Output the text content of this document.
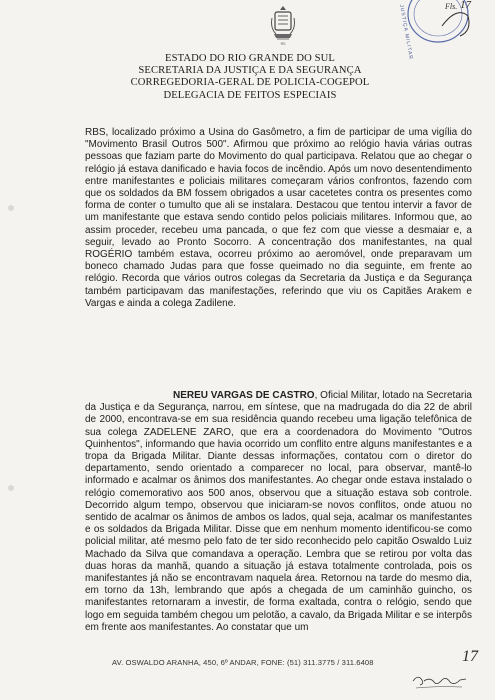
RS	JUSTIÇA MILITAR	Fls. 17
ESTADO DO RIO GRANDE DO SUL
SECRETARIA DA JUSTIÇA E DA SEGURANÇA
CORREGEDORIA-GERAL DE POLICIA-COGEPOL
DELEGACIA DE FEITOS ESPECIAIS
RBS, localizado próximo a Usina do Gasômetro, a fim de participar de uma vigília do "Movimento Brasil Outros 500". Afirmou que próximo ao relógio havia várias outras pessoas que faziam parte do Movimento do qual participava. Relatou que ao chegar o relógio já estava danificado e havia focos de incêndio. Após um novo desentendimento entre manifestantes e policiais militares começaram vários confrontos, fazendo com que os soldados da BM fossem obrigados a usar cacetetes contra os presentes como forma de conter o tumulto que ali se instalara. Destacou que tentou intervir a favor de um manifestante que estava sendo contido pelos policiais militares. Informou que, ao assim proceder, recebeu uma pancada, o que fez com que viesse a desmaiar e, a seguir, levado ao Pronto Socorro. A concentração dos manifestantes, na qual ROGÉRIO também estava, ocorreu próximo ao aeromóvel, onde preparavam um boneco chamado Judas para que fosse queimado no dia seguinte, em frente ao relógio. Recorda que vários outros colegas da Secretaria da Justiça e da Segurança também participavam das manifestações, referindo que viu os Capitães Arakem e Vargas e ainda a colega Zadilene.
NEREU VARGAS DE CASTRO, Oficial Militar, lotado na Secretaria da Justiça e da Segurança, narrou, em síntese, que na madrugada do dia 22 de abril de 2000, encontrava-se em sua residência quando recebeu uma ligação telefônica de sua colega ZADELENE ZARO, que era a coordenadora do Movimento "Outros Quinhentos", informando que havia ocorrido um conflito entre alguns manifestantes e a tropa da Brigada Militar. Diante dessas informações, contatou com o diretor do departamento, sendo orientado a comparecer no local, para observar, mantê-lo informado e acalmar os ânimos dos manifestantes. Ao chegar onde estava instalado o relógio comemorativo aos 500 anos, observou que a situação estava sob controle. Decorrido algum tempo, observou que iniciaram-se novos conflitos, onde atuou no sentido de acalmar os ânimos de ambos os lados, qual seja, acalmar os manifestantes e os soldados da Brigada Militar. Disse que em nenhum momento identificou-se como policial militar, até mesmo pelo fato de ter sido reconhecido pelo capitão Oswaldo Luiz Machado da Silva que comandava a operação. Lembra que se retirou por volta das duas horas da manhã, quando a situação já estava totalmente controlada, pois os manifestantes já não se encontravam naquela área. Retornou na tarde do mesmo dia, em torno da 13h, lembrando que após a chegada de um caminhão guincho, os manifestantes retornaram a investir, de forma exaltada, contra o relógio, sendo que logo em seguida também chegou um pelotão, a cavalo, da Brigada Militar e se interpôs em frente aos manifestantes. Ao constatar que um
AV. OSWALDO ARANHA, 450, 6º ANDAR, FONE: (51) 311.3775 / 311.6408	17
